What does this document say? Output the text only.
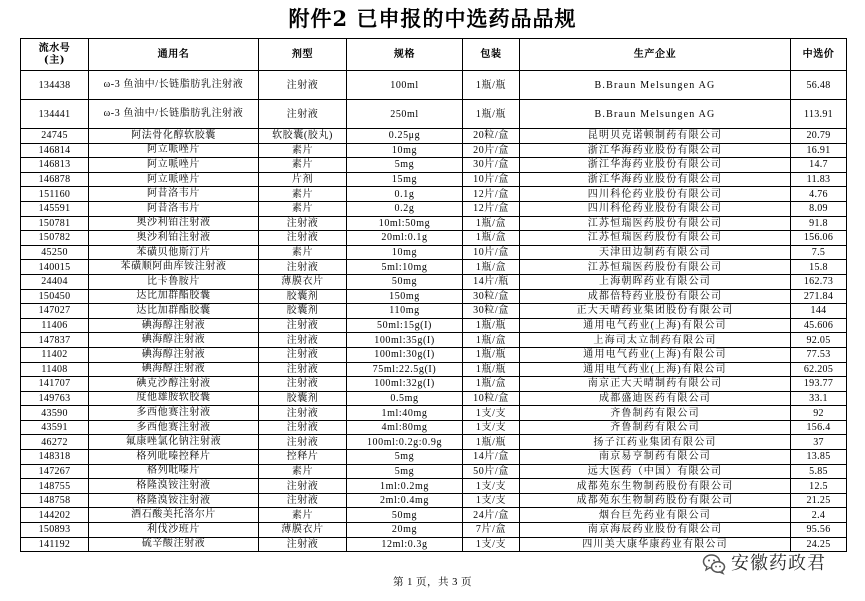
附件2 已申报的中选药品品规
流水号
(主)	通用名	剂型	规格	包装	生产企业	中选价
134438	ω-3 鱼油中/长链脂肪乳注射液	注射液	100ml	1瓶/瓶	B.Braun Melsungen AG	56.48
134441	ω-3 鱼油中/长链脂肪乳注射液	注射液	250ml	1瓶/瓶	B.Braun Melsungen AG	113.91
24745	阿法骨化醇软胶囊	软胶囊(胶丸)	0.25μg	20粒/盒	昆明贝克诺顿制药有限公司	20.79
146814	阿立哌唑片	素片	10mg	20片/盒	浙江华海药业股份有限公司	16.91
146813	阿立哌唑片	素片	5mg	30片/盒	浙江华海药业股份有限公司	14.7
146878	阿立哌唑片	片剂	15mg	10片/盒	浙江华海药业股份有限公司	11.83
151160	阿昔洛韦片	素片	0.1g	12片/盒	四川科伦药业股份有限公司	4.76
145591	阿昔洛韦片	素片	0.2g	12片/盒	四川科伦药业股份有限公司	8.09
150781	奥沙利铂注射液	注射液	10ml:50mg	1瓶/盒	江苏恒瑞医药股份有限公司	91.8
150782	奥沙利铂注射液	注射液	20ml:0.1g	1瓶/盒	江苏恒瑞医药股份有限公司	156.06
45250	苯磺贝他斯汀片	素片	10mg	10片/盒	天津田边制药有限公司	7.5
140015	苯磺顺阿曲库铵注射液	注射液	5ml:10mg	1瓶/盒	江苏恒瑞医药股份有限公司	15.8
24404	比卡鲁胺片	薄膜衣片	50mg	14片/瓶	上海朝晖药业有限公司	162.73
150450	达比加群酯胶囊	胶囊剂	150mg	30粒/盒	成都倍特药业股份有限公司	271.84
147027	达比加群酯胶囊	胶囊剂	110mg	30粒/盒	正大天晴药业集团股份有限公司	144
11406	碘海醇注射液	注射液	50ml:15g(I)	1瓶/瓶	通用电气药业(上海)有限公司	45.606
147837	碘海醇注射液	注射液	100ml:35g(I)	1瓶/盒	上海司太立制药有限公司	92.05
11402	碘海醇注射液	注射液	100ml:30g(I)	1瓶/瓶	通用电气药业(上海)有限公司	77.53
11408	碘海醇注射液	注射液	75ml:22.5g(I)	1瓶/瓶	通用电气药业(上海)有限公司	62.205
141707	碘克沙醇注射液	注射液	100ml:32g(I)	1瓶/盒	南京正大天晴制药有限公司	193.77
149763	度他雄胺软胶囊	胶囊剂	0.5mg	10粒/盒	成都盛迪医药有限公司	33.1
43590	多西他赛注射液	注射液	1ml:40mg	1支/支	齐鲁制药有限公司	92
43591	多西他赛注射液	注射液	4ml:80mg	1支/支	齐鲁制药有限公司	156.4
46272	氟康唑氯化钠注射液	注射液	100ml:0.2g:0.9g	1瓶/瓶	扬子江药业集团有限公司	37
148318	格列吡嗪控释片	控释片	5mg	14片/盒	南京易亨制药有限公司	13.85
147267	格列吡嗪片	素片	5mg	50片/盒	远大医药（中国）有限公司	5.85
148755	格隆溴铵注射液	注射液	1ml:0.2mg	1支/支	成都苑东生物制药股份有限公司	12.5
148758	格隆溴铵注射液	注射液	2ml:0.4mg	1支/支	成都苑东生物制药股份有限公司	21.25
144202	酒石酸美托洛尔片	素片	50mg	24片/盒	烟台巨先药业有限公司	2.4
150893	利伐沙班片	薄膜衣片	20mg	7片/盒	南京海辰药业股份有限公司	95.56
141192	硫辛酸注射液	注射液	12ml:0.3g	1支/支	四川美大康华康药业有限公司	24.25
安徽药政君
第 1 页，共 3 页
